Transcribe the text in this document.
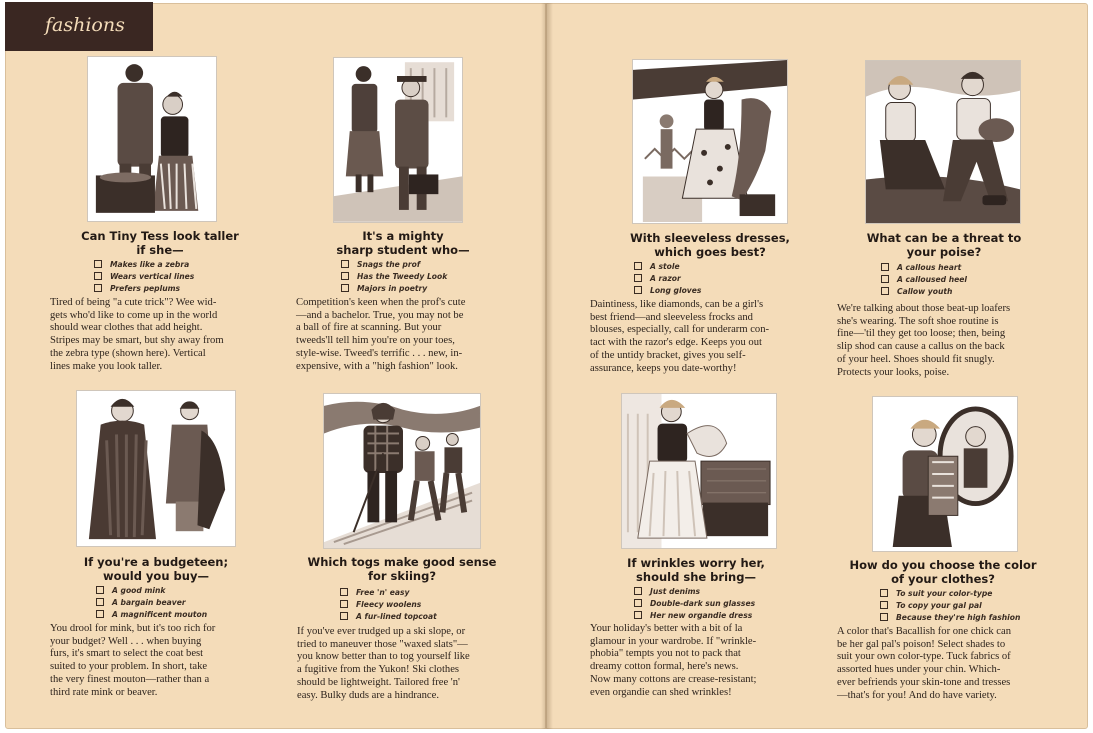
fashions
Can Tiny Tess look taller
if she—
Makes like a zebra
Wears vertical lines
Prefers peplums
Tired of being "a cute trick"? Wee wid-
gets who'd like to come up in the world
should wear clothes that add height.
Stripes may be smart, but shy away from
the zebra type (shown here). Vertical
lines make you look taller.
It's a mighty
sharp student who—
Snags the prof
Has the Tweedy Look
Majors in poetry
Competition's keen when the prof's cute
—and a bachelor. True, you may not be
a ball of fire at scanning. But your
tweeds'll tell him you're on your toes,
style-wise. Tweed's terrific . . . new, in-
expensive, with a "high fashion" look.
With sleeveless dresses,
which goes best?
A stole
A razor
Long gloves
Daintiness, like diamonds, can be a girl's
best friend—and sleeveless frocks and
blouses, especially, call for underarm con-
tact with the razor's edge. Keeps you out
of the untidy bracket, gives you self-
assurance, keeps you date-worthy!
What can be a threat to
your poise?
A callous heart
A calloused heel
Callow youth
We're talking about those beat-up loafers
she's wearing. The soft shoe routine is
fine—'til they get too loose; then, being
slip shod can cause a callus on the back
of your heel. Shoes should fit snugly.
Protects your looks, poise.
If you're a budgeteen;
would you buy—
A good mink
A bargain beaver
A magnificent mouton
You drool for mink, but it's too rich for
your budget? Well . . . when buying
furs, it's smart to select the coat best
suited to your problem. In short, take
the very finest mouton—rather than a
third rate mink or beaver.
Which togs make good sense
for skiing?
Free 'n' easy
Fleecy woolens
A fur-lined topcoat
If you've ever trudged up a ski slope, or
tried to maneuver those "waxed slats"—
you know better than to tog yourself like
a fugitive from the Yukon! Ski clothes
should be lightweight. Tailored free 'n'
easy. Bulky duds are a hindrance.
If wrinkles worry her,
should she bring—
Just denims
Double-dark sun glasses
Her new organdie dress
Your holiday's better with a bit of la
glamour in your wardrobe. If "wrinkle-
phobia" tempts you not to pack that
dreamy cotton formal, here's news.
Now many cottons are crease-resistant;
even organdie can shed wrinkles!
How do you choose the color
of your clothes?
To suit your color-type
To copy your gal pal
Because they're high fashion
A color that's Bacallish for one chick can
be her gal pal's poison! Select shades to
suit your own color-type. Tuck fabrics of
assorted hues under your chin. Which-
ever befriends your skin-tone and tresses
—that's for you! And do have variety.
